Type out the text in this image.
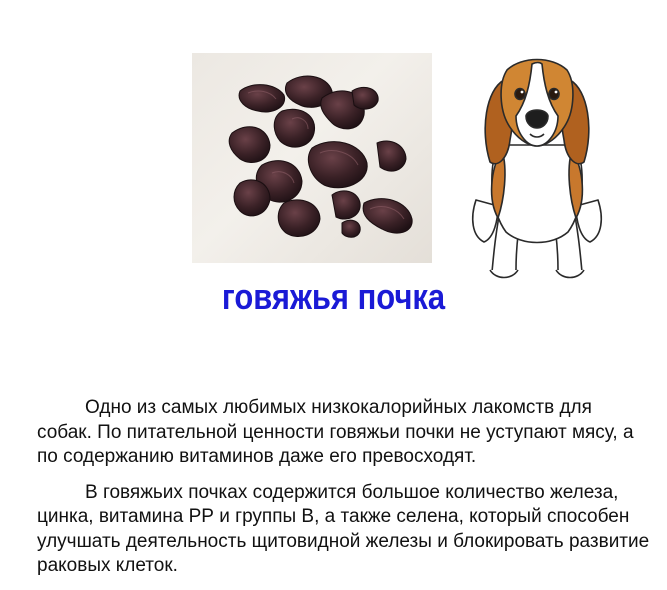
говяжья почка

Одно из самых любимых низкокалорийных лакомств для собак. По питательной ценности говяжьи почки не уступают мясу, а по содержанию витаминов даже его превосходят.

В говяжьих почках содержится большое количество железа, цинка, витамина РР и группы В, а также селена, который способен улучшать деятельность щитовидной железы и блокировать развитие раковых клеток.
